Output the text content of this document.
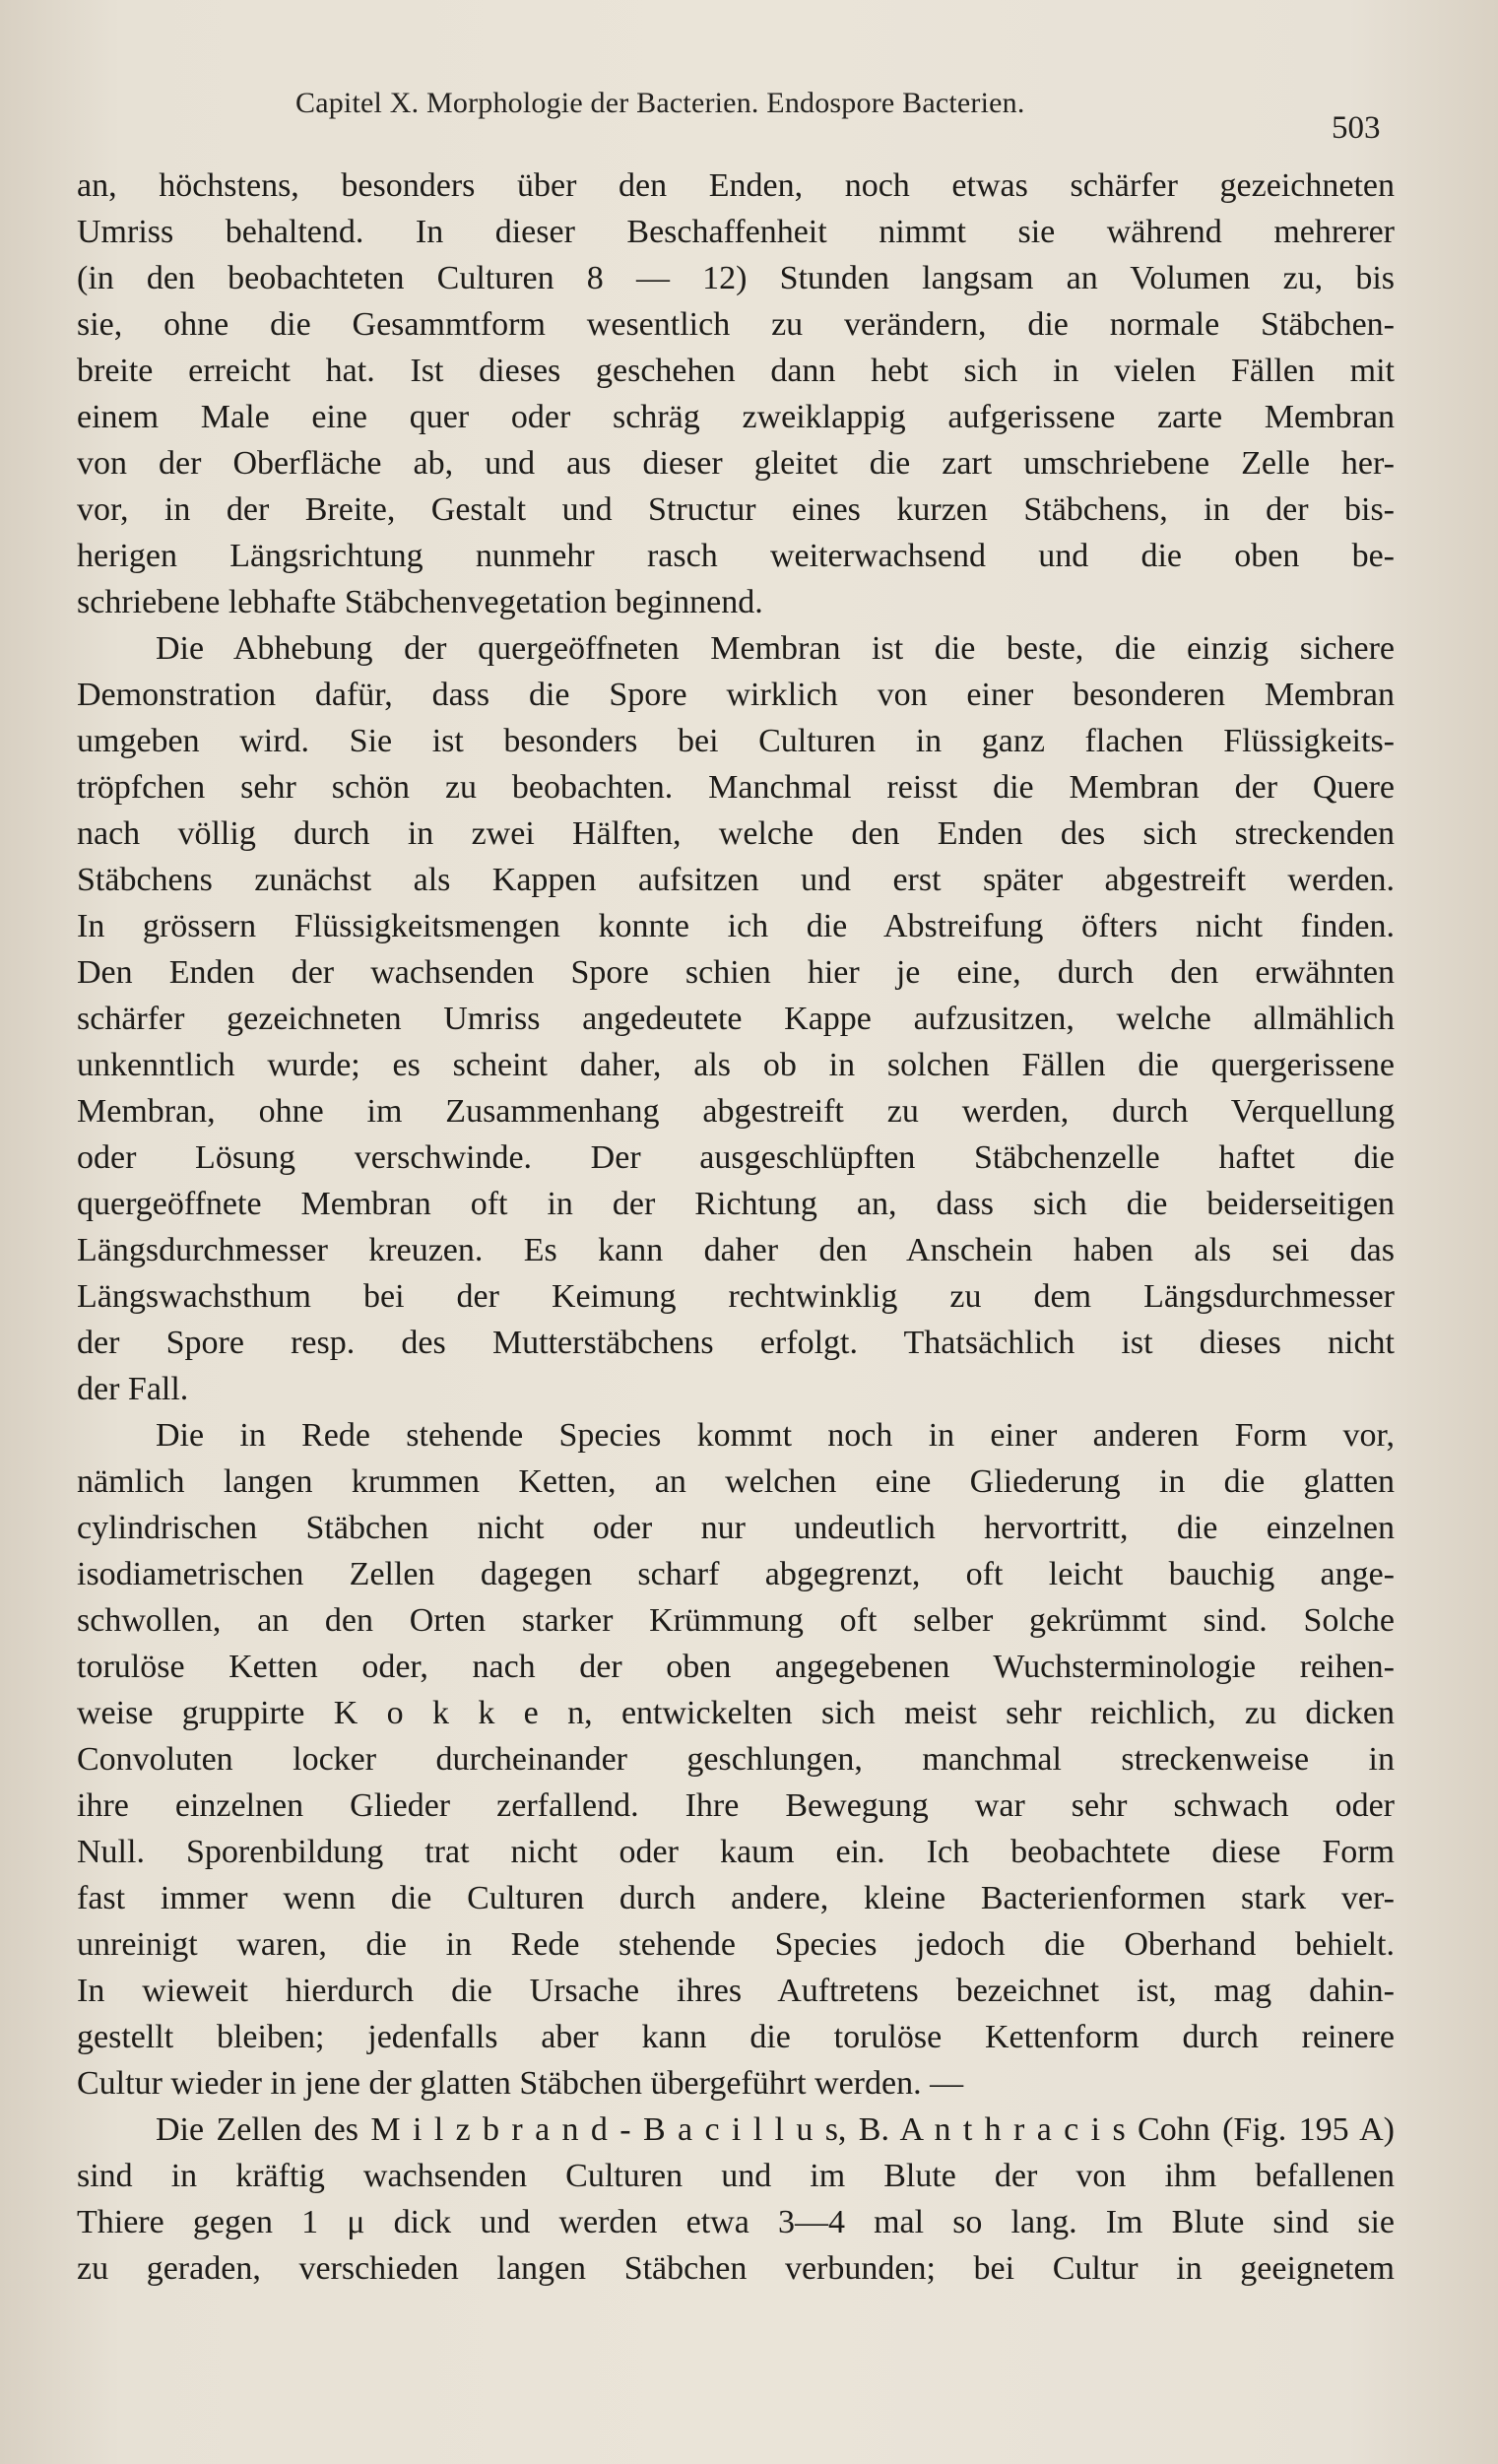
Capitel X. Morphologie der Bacterien. Endospore Bacterien.
503
an, höchstens, besonders über den Enden, noch etwas schärfer gezeichneten
Umriss behaltend. In dieser Beschaffenheit nimmt sie während mehrerer
(in den beobachteten Culturen 8 — 12) Stunden langsam an Volumen zu, bis
sie, ohne die Gesammtform wesentlich zu verändern, die normale Stäbchen-
breite erreicht hat. Ist dieses geschehen dann hebt sich in vielen Fällen mit
einem Male eine quer oder schräg zweiklappig aufgerissene zarte Membran
von der Oberfläche ab, und aus dieser gleitet die zart umschriebene Zelle her-
vor, in der Breite, Gestalt und Structur eines kurzen Stäbchens, in der bis-
herigen Längsrichtung nunmehr rasch weiterwachsend und die oben be-
schriebene lebhafte Stäbchenvegetation beginnend.
Die Abhebung der quergeöffneten Membran ist die beste, die einzig sichere
Demonstration dafür, dass die Spore wirklich von einer besonderen Membran
umgeben wird. Sie ist besonders bei Culturen in ganz flachen Flüssigkeits-
tröpfchen sehr schön zu beobachten. Manchmal reisst die Membran der Quere
nach völlig durch in zwei Hälften, welche den Enden des sich streckenden
Stäbchens zunächst als Kappen aufsitzen und erst später abgestreift werden.
In grössern Flüssigkeitsmengen konnte ich die Abstreifung öfters nicht finden.
Den Enden der wachsenden Spore schien hier je eine, durch den erwähnten
schärfer gezeichneten Umriss angedeutete Kappe aufzusitzen, welche allmählich
unkenntlich wurde; es scheint daher, als ob in solchen Fällen die quergerissene
Membran, ohne im Zusammenhang abgestreift zu werden, durch Verquellung
oder Lösung verschwinde. Der ausgeschlüpften Stäbchenzelle haftet die
quergeöffnete Membran oft in der Richtung an, dass sich die beiderseitigen
Längsdurchmesser kreuzen. Es kann daher den Anschein haben als sei das
Längswachsthum bei der Keimung rechtwinklig zu dem Längsdurchmesser
der Spore resp. des Mutterstäbchens erfolgt. Thatsächlich ist dieses nicht
der Fall.
Die in Rede stehende Species kommt noch in einer anderen Form vor,
nämlich langen krummen Ketten, an welchen eine Gliederung in die glatten
cylindrischen Stäbchen nicht oder nur undeutlich hervortritt, die einzelnen
isodiametrischen Zellen dagegen scharf abgegrenzt, oft leicht bauchig ange-
schwollen, an den Orten starker Krümmung oft selber gekrümmt sind. Solche
torulöse Ketten oder, nach der oben angegebenen Wuchsterminologie reihen-
weise gruppirte K o k k e n, entwickelten sich meist sehr reichlich, zu dicken
Convoluten locker durcheinander geschlungen, manchmal streckenweise in
ihre einzelnen Glieder zerfallend. Ihre Bewegung war sehr schwach oder
Null. Sporenbildung trat nicht oder kaum ein. Ich beobachtete diese Form
fast immer wenn die Culturen durch andere, kleine Bacterienformen stark ver-
unreinigt waren, die in Rede stehende Species jedoch die Oberhand behielt.
In wieweit hierdurch die Ursache ihres Auftretens bezeichnet ist, mag dahin-
gestellt bleiben; jedenfalls aber kann die torulöse Kettenform durch reinere
Cultur wieder in jene der glatten Stäbchen übergeführt werden. —
Die Zellen des M i l z b r a n d - B a c i l l u s, B. A n t h r a c i s Cohn (Fig. 195 A)
sind in kräftig wachsenden Culturen und im Blute der von ihm befallenen
Thiere gegen 1 μ dick und werden etwa 3—4 mal so lang. Im Blute sind sie
zu geraden, verschieden langen Stäbchen verbunden; bei Cultur in geeignetem
